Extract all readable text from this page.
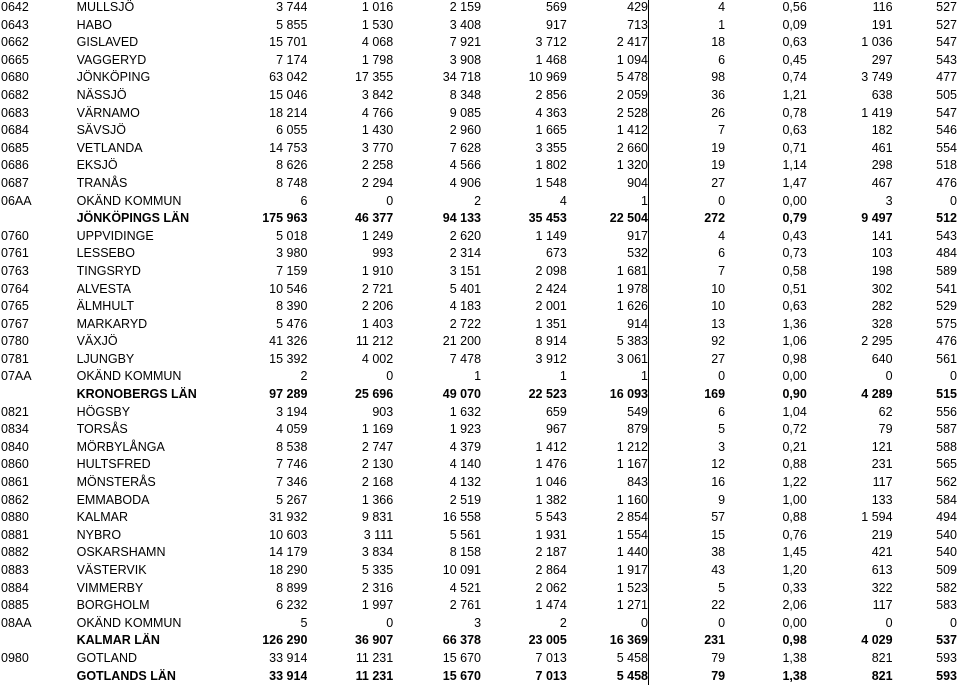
0642	MULLSJÖ	3 744	1 016	2 159	569	429	4	0,56	116	527
0643	HABO	5 855	1 530	3 408	917	713	1	0,09	191	527
0662	GISLAVED	15 701	4 068	7 921	3 712	2 417	18	0,63	1 036	547
0665	VAGGERYD	7 174	1 798	3 908	1 468	1 094	6	0,45	297	543
0680	JÖNKÖPING	63 042	17 355	34 718	10 969	5 478	98	0,74	3 749	477
0682	NÄSSJÖ	15 046	3 842	8 348	2 856	2 059	36	1,21	638	505
0683	VÄRNAMO	18 214	4 766	9 085	4 363	2 528	26	0,78	1 419	547
0684	SÄVSJÖ	6 055	1 430	2 960	1 665	1 412	7	0,63	182	546
0685	VETLANDA	14 753	3 770	7 628	3 355	2 660	19	0,71	461	554
0686	EKSJÖ	8 626	2 258	4 566	1 802	1 320	19	1,14	298	518
0687	TRANÅS	8 748	2 294	4 906	1 548	904	27	1,47	467	476
06AA	OKÄND KOMMUN	6	0	2	4	1	0	0,00	3	0
	JÖNKÖPINGS LÄN	175 963	46 377	94 133	35 453	22 504	272	0,79	9 497	512
0760	UPPVIDINGE	5 018	1 249	2 620	1 149	917	4	0,43	141	543
0761	LESSEBO	3 980	993	2 314	673	532	6	0,73	103	484
0763	TINGSRYD	7 159	1 910	3 151	2 098	1 681	7	0,58	198	589
0764	ALVESTA	10 546	2 721	5 401	2 424	1 978	10	0,51	302	541
0765	ÄLMHULT	8 390	2 206	4 183	2 001	1 626	10	0,63	282	529
0767	MARKARYD	5 476	1 403	2 722	1 351	914	13	1,36	328	575
0780	VÄXJÖ	41 326	11 212	21 200	8 914	5 383	92	1,06	2 295	476
0781	LJUNGBY	15 392	4 002	7 478	3 912	3 061	27	0,98	640	561
07AA	OKÄND KOMMUN	2	0	1	1	1	0	0,00	0	0
	KRONOBERGS LÄN	97 289	25 696	49 070	22 523	16 093	169	0,90	4 289	515
0821	HÖGSBY	3 194	903	1 632	659	549	6	1,04	62	556
0834	TORSÅS	4 059	1 169	1 923	967	879	5	0,72	79	587
0840	MÖRBYLÅNGA	8 538	2 747	4 379	1 412	1 212	3	0,21	121	588
0860	HULTSFRED	7 746	2 130	4 140	1 476	1 167	12	0,88	231	565
0861	MÖNSTERÅS	7 346	2 168	4 132	1 046	843	16	1,22	117	562
0862	EMMABODA	5 267	1 366	2 519	1 382	1 160	9	1,00	133	584
0880	KALMAR	31 932	9 831	16 558	5 543	2 854	57	0,88	1 594	494
0881	NYBRO	10 603	3 111	5 561	1 931	1 554	15	0,76	219	540
0882	OSKARSHAMN	14 179	3 834	8 158	2 187	1 440	38	1,45	421	540
0883	VÄSTERVIK	18 290	5 335	10 091	2 864	1 917	43	1,20	613	509
0884	VIMMERBY	8 899	2 316	4 521	2 062	1 523	5	0,33	322	582
0885	BORGHOLM	6 232	1 997	2 761	1 474	1 271	22	2,06	117	583
08AA	OKÄND KOMMUN	5	0	3	2	0	0	0,00	0	0
	KALMAR LÄN	126 290	36 907	66 378	23 005	16 369	231	0,98	4 029	537
0980	GOTLAND	33 914	11 231	15 670	7 013	5 458	79	1,38	821	593
	GOTLANDS LÄN	33 914	11 231	15 670	7 013	5 458	79	1,38	821	593
